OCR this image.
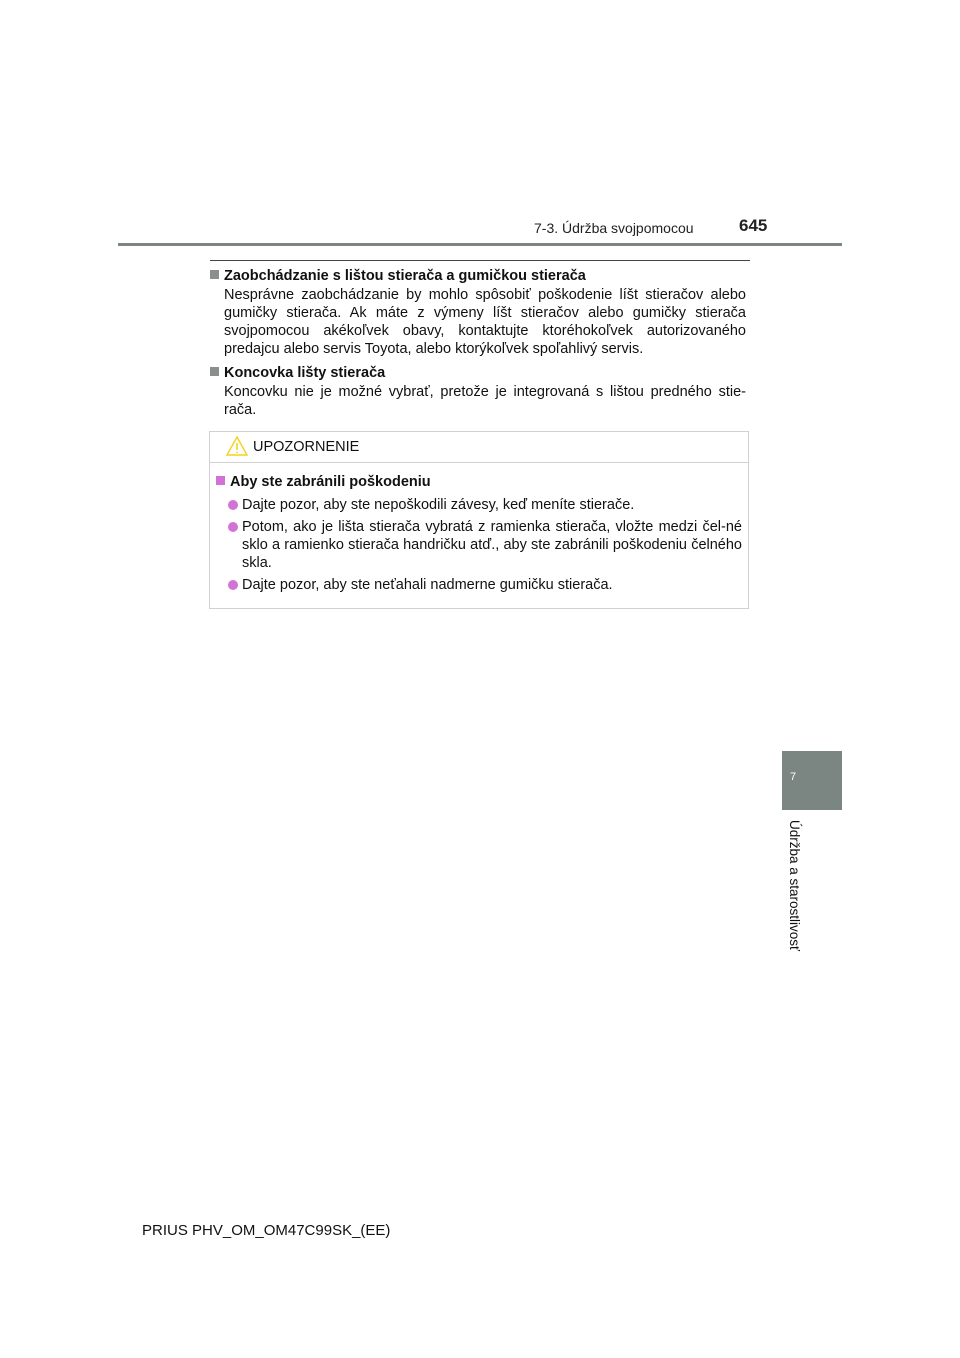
7-3. Údržba svojpomocou	645
Zaobchádzanie s lištou stierača a gumičkou stierača
Nesprávne zaobchádzanie by mohlo spôsobiť poškodenie líšt stieračov alebo gumičky stierača. Ak máte z výmeny líšt stieračov alebo gumičky stierača svojpomocou akékoľvek obavy, kontaktujte ktoréhokoľvek autorizovaného predajcu alebo servis Toyota, alebo ktorýkoľvek spoľahlivý servis.
Koncovka lišty stierača
Koncovku nie je možné vybrať, pretože je integrovaná s lištou predného stie-rača.
UPOZORNENIE
Aby ste zabránili poškodeniu
Dajte pozor, aby ste nepoškodili závesy, keď meníte stierače.
Potom, ako je lišta stierača vybratá z ramienka stierača, vložte medzi čel-né sklo a ramienko stierača handričku atď., aby ste zabránili poškodeniu čelného skla.
Dajte pozor, aby ste neťahali nadmerne gumičku stierača.
7
Údržba a starostlivosť
PRIUS PHV_OM_OM47C99SK_(EE)
